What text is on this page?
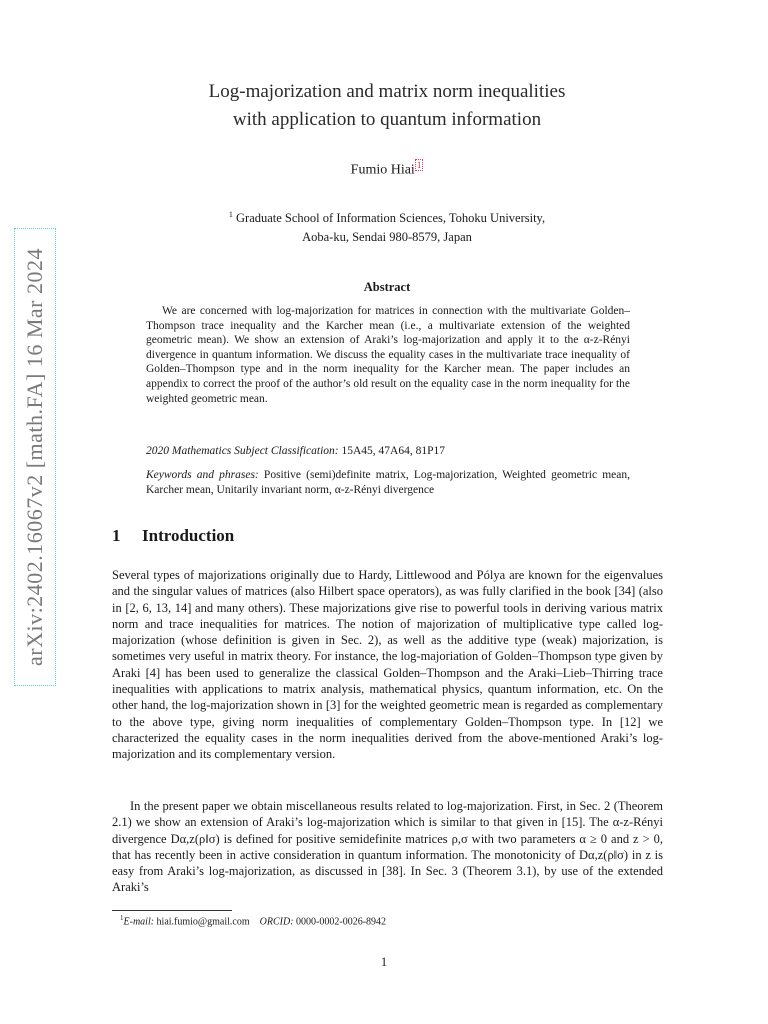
arXiv:2402.16067v2 [math.FA] 16 Mar 2024
Log-majorization and matrix norm inequalities
with application to quantum information
Fumio Hiai $^1$
$^1$ Graduate School of Information Sciences, Tohoku University,
Aoba-ku, Sendai 980-8579, Japan
Abstract
We are concerned with log-majorization for matrices in connection with the multivariate Golden–Thompson trace inequality and the Karcher mean (i.e., a multivariate extension of the weighted geometric mean). We show an extension of Araki’s log-majorization and apply it to the α-z-Rényi divergence in quantum information. We discuss the equality cases in the multivariate trace inequality of Golden–Thompson type and in the norm inequality for the Karcher mean. The paper includes an appendix to correct the proof of the author’s old result on the equality case in the norm inequality for the weighted geometric mean.
2020 Mathematics Subject Classification: 15A45, 47A64, 81P17
Keywords and phrases: Positive (semi)definite matrix, Log-majorization, Weighted geometric mean, Karcher mean, Unitarily invariant norm, α-z-Rényi divergence
1 Introduction
Several types of majorizations originally due to Hardy, Littlewood and Pólya are known for the eigenvalues and the singular values of matrices (also Hilbert space operators), as was fully clarified in the book [34] (also in [2, 6, 13, 14] and many others). These majorizations give rise to powerful tools in deriving various matrix norm and trace inequalities for matrices. The notion of majorization of multiplicative type called log-majorization (whose definition is given in Sec. 2), as well as the additive type (weak) majorization, is sometimes very useful in matrix theory. For instance, the log-majoriation of Golden–Thompson type given by Araki [4] has been used to generalize the classical Golden–Thompson and the Araki–Lieb–Thirring trace inequalities with applications to matrix analysis, mathematical physics, quantum information, etc. On the other hand, the log-majorization shown in [3] for the weighted geometric mean is regarded as complementary to the above type, giving norm inequalities of complementary Golden–Thompson type. In [12] we characterized the equality cases in the norm inequalities derived from the above-mentioned Araki’s log-majorization and its complementary version.
In the present paper we obtain miscellaneous results related to log-majorization. First, in Sec. 2 (Theorem 2.1) we show an extension of Araki’s log-majorization which is similar to that given in [15]. The α-z-Rényi divergence Dα,z(ρ‖σ) is defined for positive semidefinite matrices ρ,σ with two parameters α ≥ 0 and z > 0, that has recently been in active consideration in quantum information. The monotonicity of Dα,z(ρ‖σ) in z is easy from Araki’s log-majorization, as discussed in [38]. In Sec. 3 (Theorem 3.1), by use of the extended Araki’s
$^1$E-mail: hiai.fumio@gmail.com ORCID: 0000-0002-0026-8942
1
